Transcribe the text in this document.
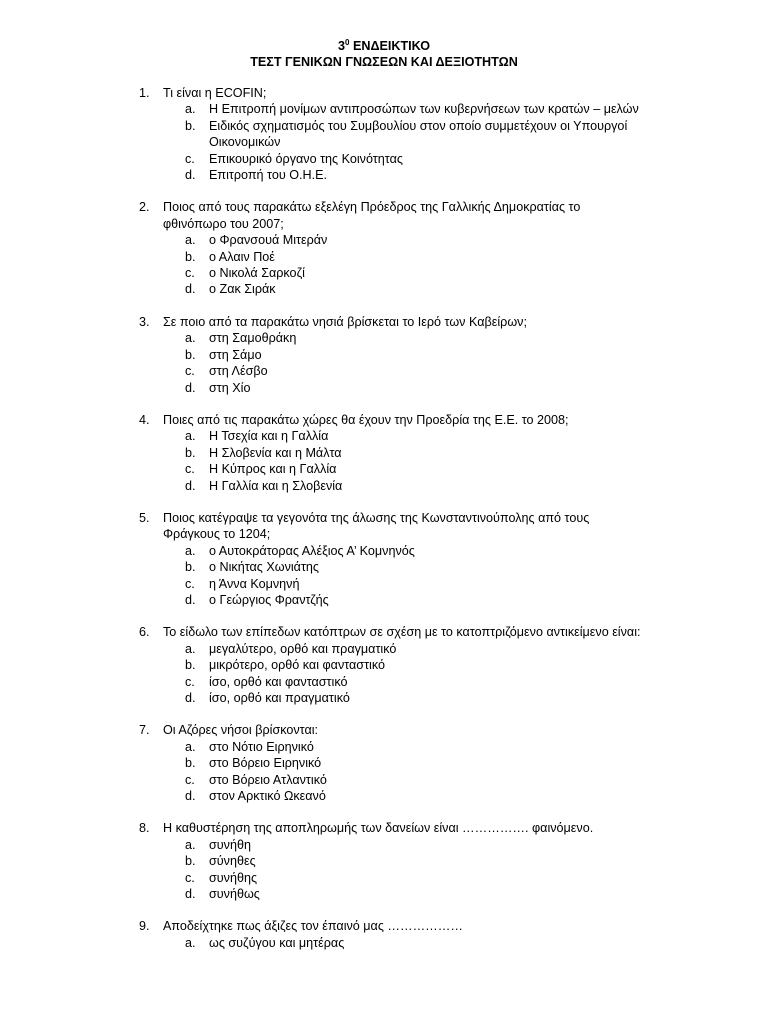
$3^0$ ΕΝΔΕΙΚΤΙΚΟ
ΤΕΣΤ ΓΕΝΙΚΩΝ ΓΝΩΣΕΩΝ ΚΑΙ ΔΕΞΙΟΤΗΤΩΝ
1. Τι είναι η ECOFIN;
a. Η Επιτροπή μονίμων αντιπροσώπων των κυβερνήσεων των κρατών – μελών
b. Ειδικός σχηματισμός του Συμβουλίου στον οποίο συμμετέχουν οι Υπουργοί Οικονομικών
c. Επικουρικό όργανο της Κοινότητας
d. Επιτροπή του Ο.Η.Ε.
2. Ποιος από τους παρακάτω εξελέγη Πρόεδρος της Γαλλικής Δημοκρατίας το φθινόπωρο του 2007;
a. ο Φρανσουά Μιτεράν
b. ο Αλαιν Ποέ
c. ο Νικολά Σαρκοζί
d. ο Ζακ Σιράκ
3. Σε ποιο από τα παρακάτω νησιά βρίσκεται το Ιερό των Καβείρων;
a. στη Σαμοθράκη
b. στη Σάμο
c. στη Λέσβο
d. στη Χίο
4. Ποιες από τις παρακάτω χώρες θα έχουν την Προεδρία της Ε.Ε. το 2008;
a. Η Τσεχία και η Γαλλία
b. Η Σλοβενία και η Μάλτα
c. Η Κύπρος και η Γαλλία
d. Η Γαλλία και η Σλοβενία
5. Ποιος κατέγραψε τα γεγονότα της άλωσης της Κωνσταντινούπολης από τους Φράγκους το 1204;
a. ο Αυτοκράτορας Αλέξιος Α’ Κομνηνός
b. ο Νικήτας Χωνιάτης
c. η Άννα Κομνηνή
d. ο Γεώργιος Φραντζής
6. Το είδωλο των επίπεδων κατόπτρων σε σχέση με το κατοπτριζόμενο αντικείμενο είναι:
a. μεγαλύτερο, ορθό και πραγματικό
b. μικρότερο, ορθό και φανταστικό
c. ίσο, ορθό και φανταστικό
d. ίσο, ορθό και πραγματικό
7. Οι Αζόρες νήσοι βρίσκονται:
a. στο Νότιο Ειρηνικό
b. στο Βόρειο Ειρηνικό
c. στο Βόρειο Ατλαντικό
d. στον Αρκτικό Ωκεανό
8. Η καθυστέρηση της αποπληρωμής των δανείων είναι ……………. φαινόμενο.
a. συνήθη
b. σύνηθες
c. συνήθης
d. συνήθως
9. Αποδείχτηκε πως άξιζες τον έπαινό μας ………………
a. ως συζύγου και μητέρας
